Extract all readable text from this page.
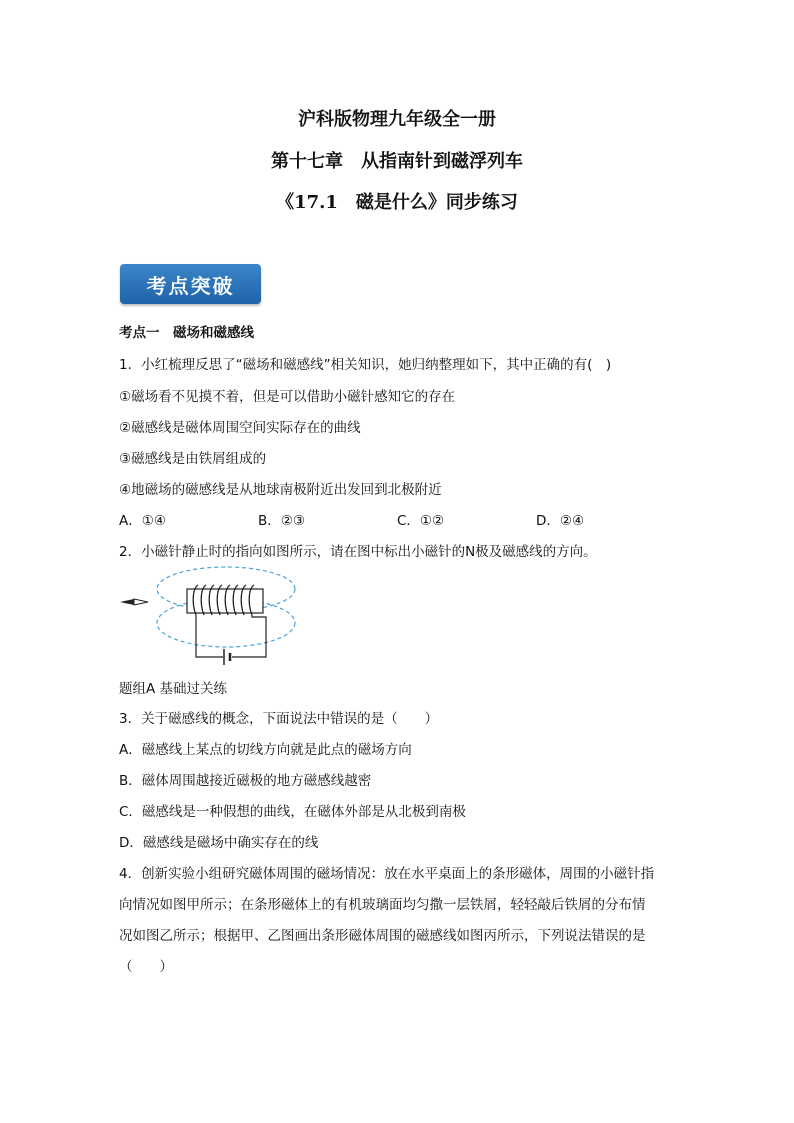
沪科版物理九年级全一册
第十七章　从指南针到磁浮列车
《17.1　磁是什么》同步练习
考点突破
考点一　磁场和磁感线
1．小红梳理反思了“磁场和磁感线”相关知识，她归纳整理如下，其中正确的有(　)
①磁场看不见摸不着，但是可以借助小磁针感知它的存在
②磁感线是磁体周围空间实际存在的曲线
③磁感线是由铁屑组成的
④地磁场的磁感线是从地球南极附近出发回到北极附近
A．①④	B．②③	C．①②	D．②④
2．小磁针静止时的指向如图所示，请在图中标出小磁针的N极及磁感线的方向。
题组A 基础过关练
3．关于磁感线的概念，下面说法中错误的是（　　）
A．磁感线上某点的切线方向就是此点的磁场方向
B．磁体周围越接近磁极的地方磁感线越密
C．磁感线是一种假想的曲线，在磁体外部是从北极到南极
D．磁感线是磁场中确实存在的线
4．创新实验小组研究磁体周围的磁场情况：放在水平桌面上的条形磁体，周围的小磁针指
向情况如图甲所示；在条形磁体上的有机玻璃面均匀撒一层铁屑，轻轻敲后铁屑的分布情
况如图乙所示；根据甲、乙图画出条形磁体周围的磁感线如图丙所示，下列说法错误的是
（　　）
